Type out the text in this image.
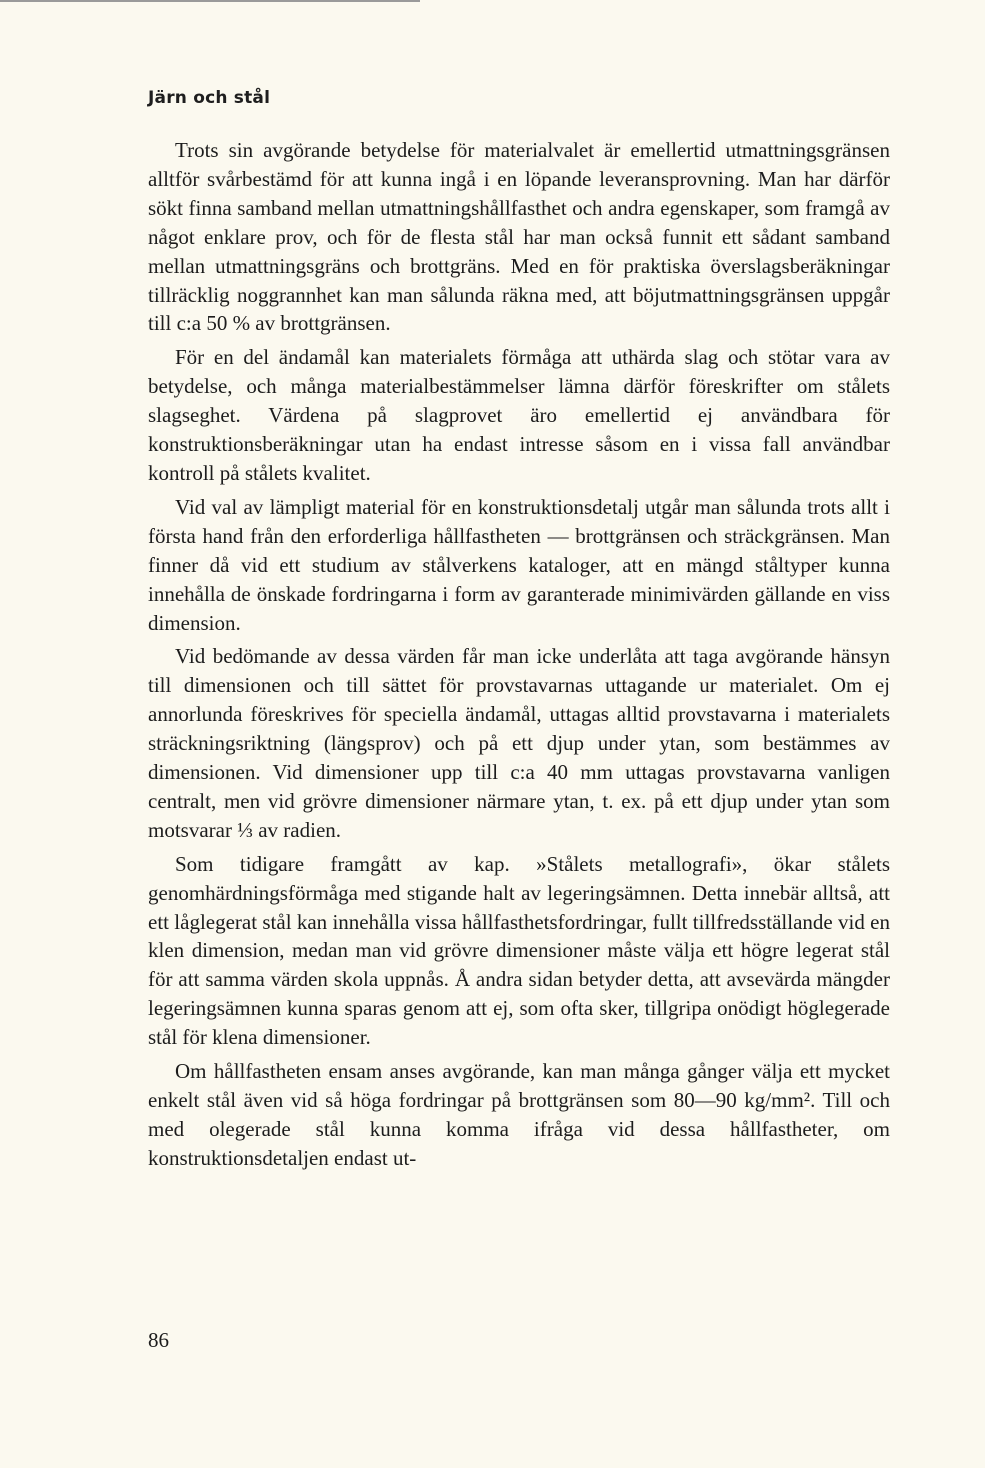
Järn och stål

Trots sin avgörande betydelse för materialvalet är emellertid utmattningsgränsen alltför svårbestämd för att kunna ingå i en löpande leveransprovning. Man har därför sökt finna samband mellan utmattningshållfasthet och andra egenskaper, som framgå av något enklare prov, och för de flesta stål har man också funnit ett sådant samband mellan utmattningsgräns och brottgräns. Med en för praktiska överslagsberäkningar tillräcklig noggrannhet kan man sålunda räkna med, att böjutmattningsgränsen uppgår till c:a 50 % av brottgränsen.

För en del ändamål kan materialets förmåga att uthärda slag och stötar vara av betydelse, och många materialbestämmelser lämna därför föreskrifter om stålets slagseghet. Värdena på slagprovet äro emellertid ej användbara för konstruktionsberäkningar utan ha endast intresse såsom en i vissa fall användbar kontroll på stålets kvalitet.

Vid val av lämpligt material för en konstruktionsdetalj utgår man sålunda trots allt i första hand från den erforderliga hållfastheten — brottgränsen och sträckgränsen. Man finner då vid ett studium av stålverkens kataloger, att en mängd ståltyper kunna innehålla de önskade fordringarna i form av garanterade minimivärden gällande en viss dimension.

Vid bedömande av dessa värden får man icke underlåta att taga avgörande hänsyn till dimensionen och till sättet för provstavarnas uttagande ur materialet. Om ej annorlunda föreskrives för speciella ändamål, uttagas alltid provstavarna i materialets sträckningsriktning (längsprov) och på ett djup under ytan, som bestämmes av dimensionen. Vid dimensioner upp till c:a 40 mm uttagas provstavarna vanligen centralt, men vid grövre dimensioner närmare ytan, t. ex. på ett djup under ytan som motsvarar ⅓ av radien.

Som tidigare framgått av kap. »Stålets metallografi», ökar stålets genomhärdningsförmåga med stigande halt av legeringsämnen. Detta innebär alltså, att ett låglegerat stål kan innehålla vissa hållfasthetsfordringar, fullt tillfredsställande vid en klen dimension, medan man vid grövre dimensioner måste välja ett högre legerat stål för att samma värden skola uppnås. Å andra sidan betyder detta, att avsevärda mängder legeringsämnen kunna sparas genom att ej, som ofta sker, tillgripa onödigt höglegerade stål för klena dimensioner.

Om hållfastheten ensam anses avgörande, kan man många gånger välja ett mycket enkelt stål även vid så höga fordringar på brottgränsen som 80—90 kg/mm². Till och med olegerade stål kunna komma ifråga vid dessa hållfastheter, om konstruktionsdetaljen endast ut-

86
